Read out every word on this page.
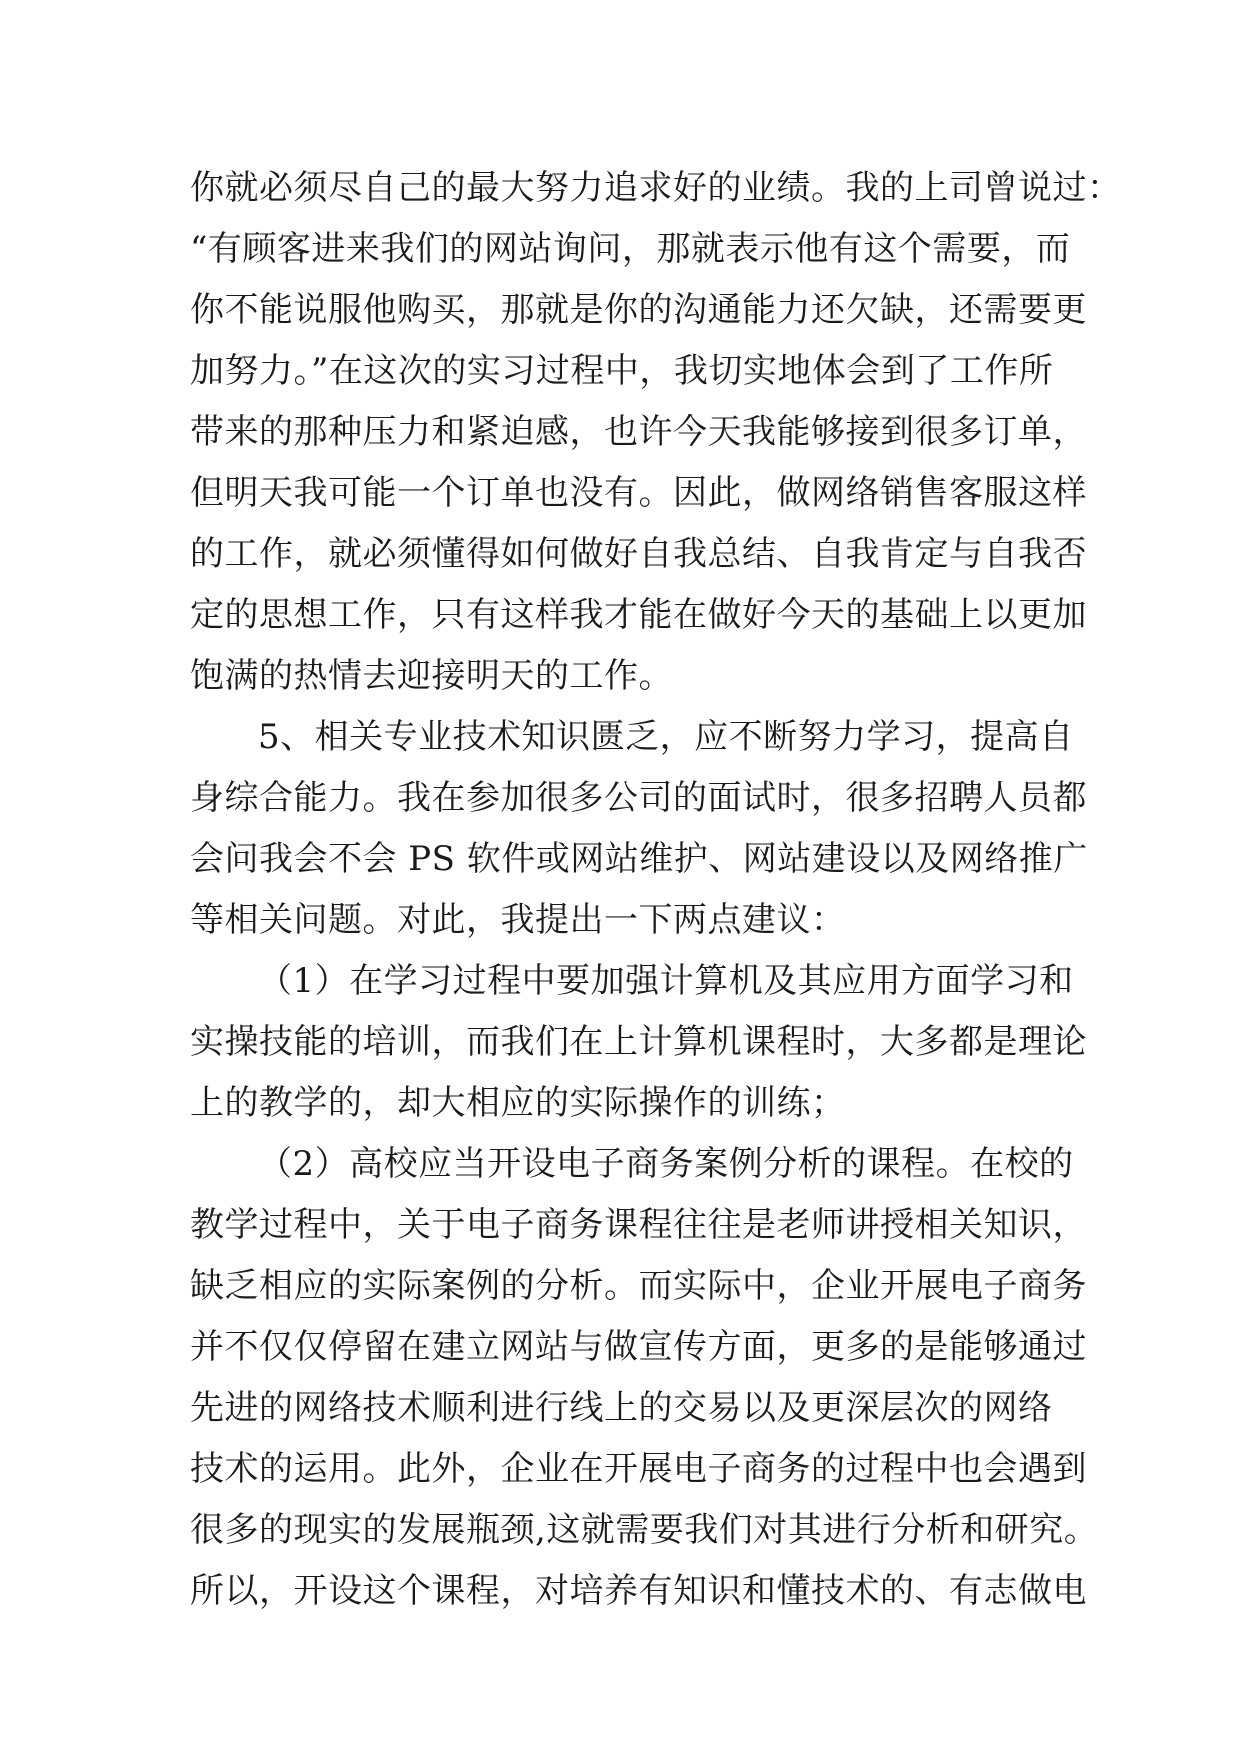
你就必须尽自己的最大努力追求好的业绩。我的上司曾说过：
“有顾客进来我们的网站询问，那就表示他有这个需要，而
你不能说服他购买，那就是你的沟通能力还欠缺，还需要更
加努力。”在这次的实习过程中，我切实地体会到了工作所
带来的那种压力和紧迫感，也许今天我能够接到很多订单，
但明天我可能一个订单也没有。因此，做网络销售客服这样
的工作，就必须懂得如何做好自我总结、自我肯定与自我否
定的思想工作，只有这样我才能在做好今天的基础上以更加
饱满的热情去迎接明天的工作。
5、相关专业技术知识匮乏，应不断努力学习，提高自
身综合能力。我在参加很多公司的面试时，很多招聘人员都
会问我会不会 PS 软件或网站维护、网站建设以及网络推广
等相关问题。对此，我提出一下两点建议：
（1）在学习过程中要加强计算机及其应用方面学习和
实操技能的培训，而我们在上计算机课程时，大多都是理论
上的教学的，却大相应的实际操作的训练；
（2）高校应当开设电子商务案例分析的课程。在校的
教学过程中，关于电子商务课程往往是老师讲授相关知识，
缺乏相应的实际案例的分析。而实际中，企业开展电子商务
并不仅仅停留在建立网站与做宣传方面，更多的是能够通过
先进的网络技术顺利进行线上的交易以及更深层次的网络
技术的运用。此外，企业在开展电子商务的过程中也会遇到
很多的现实的发展瓶颈,这就需要我们对其进行分析和研究。
所以，开设这个课程，对培养有知识和懂技术的、有志做电
